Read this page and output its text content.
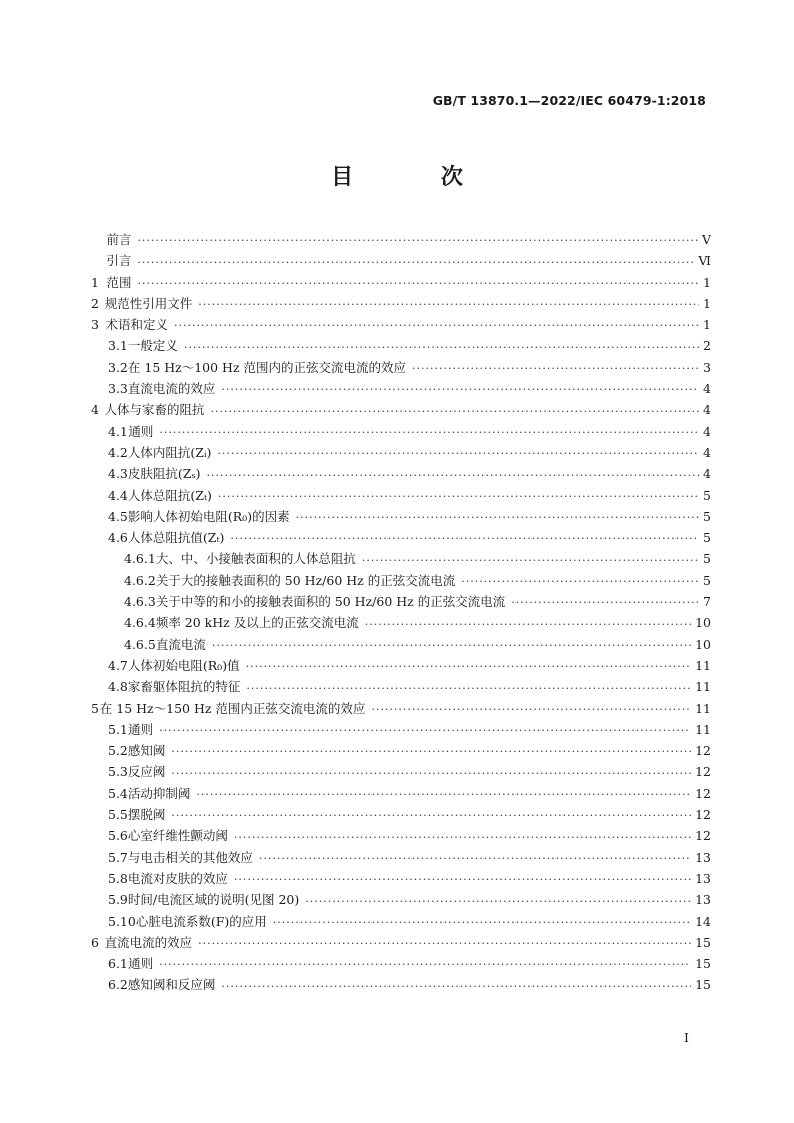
GB/T 13870.1—2022/IEC 60479-1:2018
目 次
前言 ·····	Ⅴ
引言 ·····	Ⅵ
1 范围 ·····	1
2 规范性引用文件 ·····	1
3 术语和定义 ·····	1
3.1 一般定义 ·····	2
3.2 在 15 Hz～100 Hz 范围内的正弦交流电流的效应 ·····	3
3.3 直流电流的效应 ·····	4
4 人体与家畜的阻抗 ·····	4
4.1 通则 ·····	4
4.2 人体内阻抗(Zᵢ) ·····	4
4.3 皮肤阻抗(Zₛ) ·····	4
4.4 人体总阻抗(Zₜ) ·····	5
4.5 影响人体初始电阻(R₀)的因素 ·····	5
4.6 人体总阻抗值(Zₜ) ·····	5
4.6.1 大、中、小接触表面积的人体总阻抗 ·····	5
4.6.2 关于大的接触表面积的 50 Hz/60 Hz 的正弦交流电流 ·····	5
4.6.3 关于中等的和小的接触表面积的 50 Hz/60 Hz 的正弦交流电流 ·····	7
4.6.4 频率 20 kHz 及以上的正弦交流电流 ·····	10
4.6.5 直流电流 ·····	10
4.7 人体初始电阻(R₀)值 ·····	11
4.8 家畜躯体阻抗的特征 ·····	11
5 在 15 Hz～150 Hz 范围内正弦交流电流的效应 ·····	11
5.1 通则 ·····	11
5.2 感知阈 ·····	12
5.3 反应阈 ·····	12
5.4 活动抑制阈 ·····	12
5.5 摆脱阈 ·····	12
5.6 心室纤维性颤动阈 ·····	12
5.7 与电击相关的其他效应 ·····	13
5.8 电流对皮肤的效应 ·····	13
5.9 时间/电流区域的说明(见图 20) ·····	13
5.10 心脏电流系数(F)的应用 ·····	14
6 直流电流的效应 ·····	15
6.1 通则 ·····	15
6.2 感知阈和反应阈 ·····	15
I
